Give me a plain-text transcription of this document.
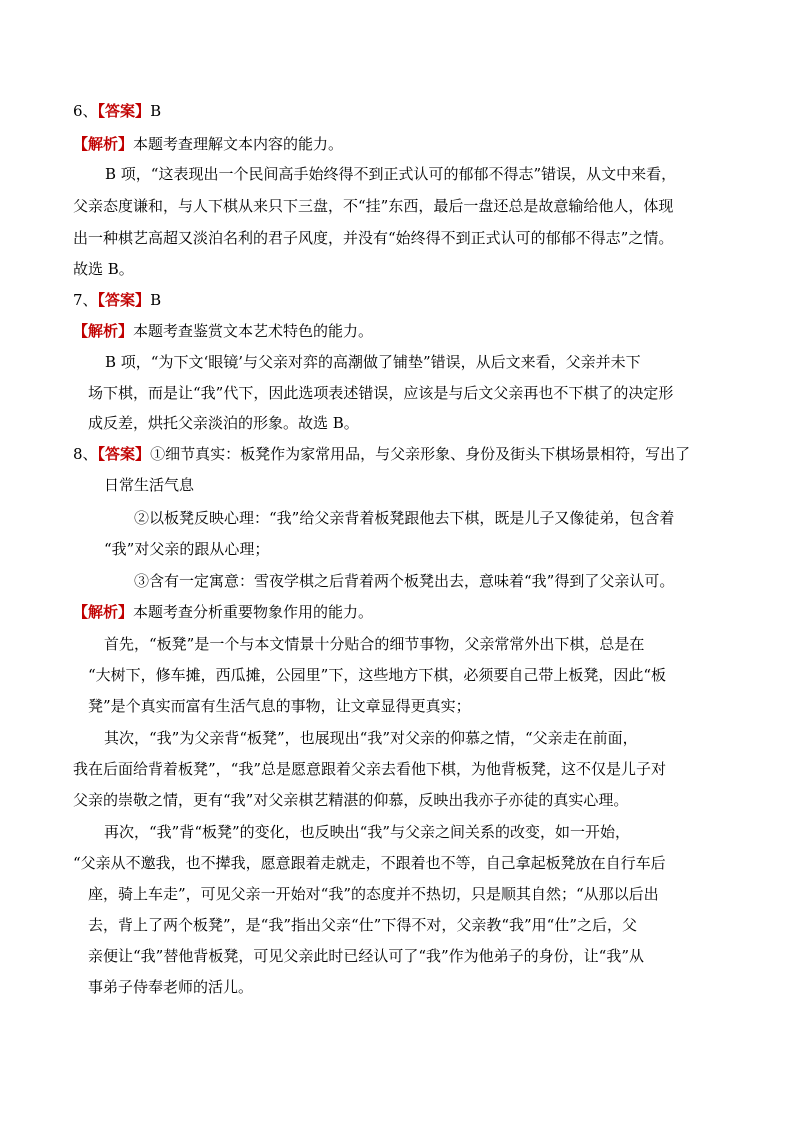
6、【答案】B
【解析】本题考查理解文本内容的能力。
B 项，“这表现出一个民间高手始终得不到正式认可的郁郁不得志”错误，从文中来看，
父亲态度谦和，与人下棋从来只下三盘，不“挂”东西，最后一盘还总是故意输给他人，体现
出一种棋艺高超又淡泊名利的君子风度，并没有“始终得不到正式认可的郁郁不得志”之情。
故选 B。
7、【答案】B
【解析】本题考查鉴赏文本艺术特色的能力。
B 项，“为下文‘眼镜’与父亲对弈的高潮做了铺垫”错误，从后文来看，父亲并未下
场下棋，而是让“我”代下，因此选项表述错误，应该是与后文父亲再也不下棋了的决定形
成反差，烘托父亲淡泊的形象。故选 B。
8、【答案】①细节真实：板凳作为家常用品，与父亲形象、身份及街头下棋场景相符，写出了
日常生活气息
②以板凳反映心理：“我”给父亲背着板凳跟他去下棋，既是儿子又像徒弟，包含着
“我”对父亲的跟从心理；
③含有一定寓意：雪夜学棋之后背着两个板凳出去，意味着“我”得到了父亲认可。
【解析】本题考查分析重要物象作用的能力。
首先，“板凳”是一个与本文情景十分贴合的细节事物，父亲常常外出下棋，总是在
“大树下，修车摊，西瓜摊，公园里”下，这些地方下棋，必须要自己带上板凳，因此“板
凳”是个真实而富有生活气息的事物，让文章显得更真实；
其次，“我”为父亲背“板凳”，也展现出“我”对父亲的仰慕之情，“父亲走在前面，
我在后面给背着板凳”，“我”总是愿意跟着父亲去看他下棋，为他背板凳，这不仅是儿子对
父亲的崇敬之情，更有“我”对父亲棋艺精湛的仰慕，反映出我亦子亦徒的真实心理。
再次，“我”背“板凳”的变化，也反映出“我”与父亲之间关系的改变，如一开始，
“父亲从不邀我，也不撵我，愿意跟着走就走，不跟着也不等，自己拿起板凳放在自行车后
座，骑上车走”，可见父亲一开始对“我”的态度并不热切，只是顺其自然；“从那以后出
去，背上了两个板凳”，是“我”指出父亲“仕”下得不对，父亲教“我”用“仕”之后，父
亲便让“我”替他背板凳，可见父亲此时已经认可了“我”作为他弟子的身份，让“我”从
事弟子侍奉老师的活儿。
